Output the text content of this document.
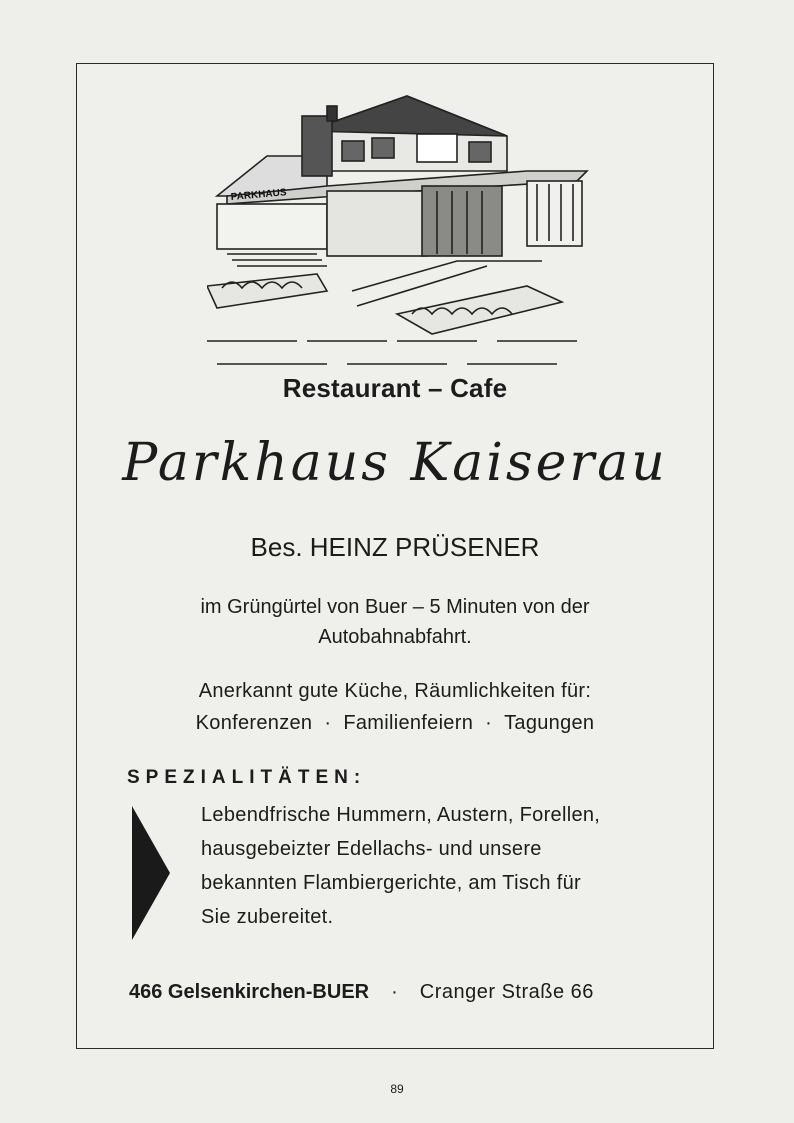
PARKHAUS
Restaurant – Cafe
Parkhaus Kaiserau
Bes. HEINZ PRÜSENER
im Grüngürtel von Buer – 5 Minuten von der
Autobahnabfahrt.
Anerkannt gute Küche, Räumlichkeiten für:
Konferenzen · Familienfeiern · Tagungen
SPEZIALITÄTEN:
Lebendfrische Hummern, Austern, Forellen,
hausgebeizter Edellachs- und unsere
bekannten Flambiergerichte, am Tisch für
Sie zubereitet.
466 Gelsenkirchen-BUER · Cranger Straße 66
89
